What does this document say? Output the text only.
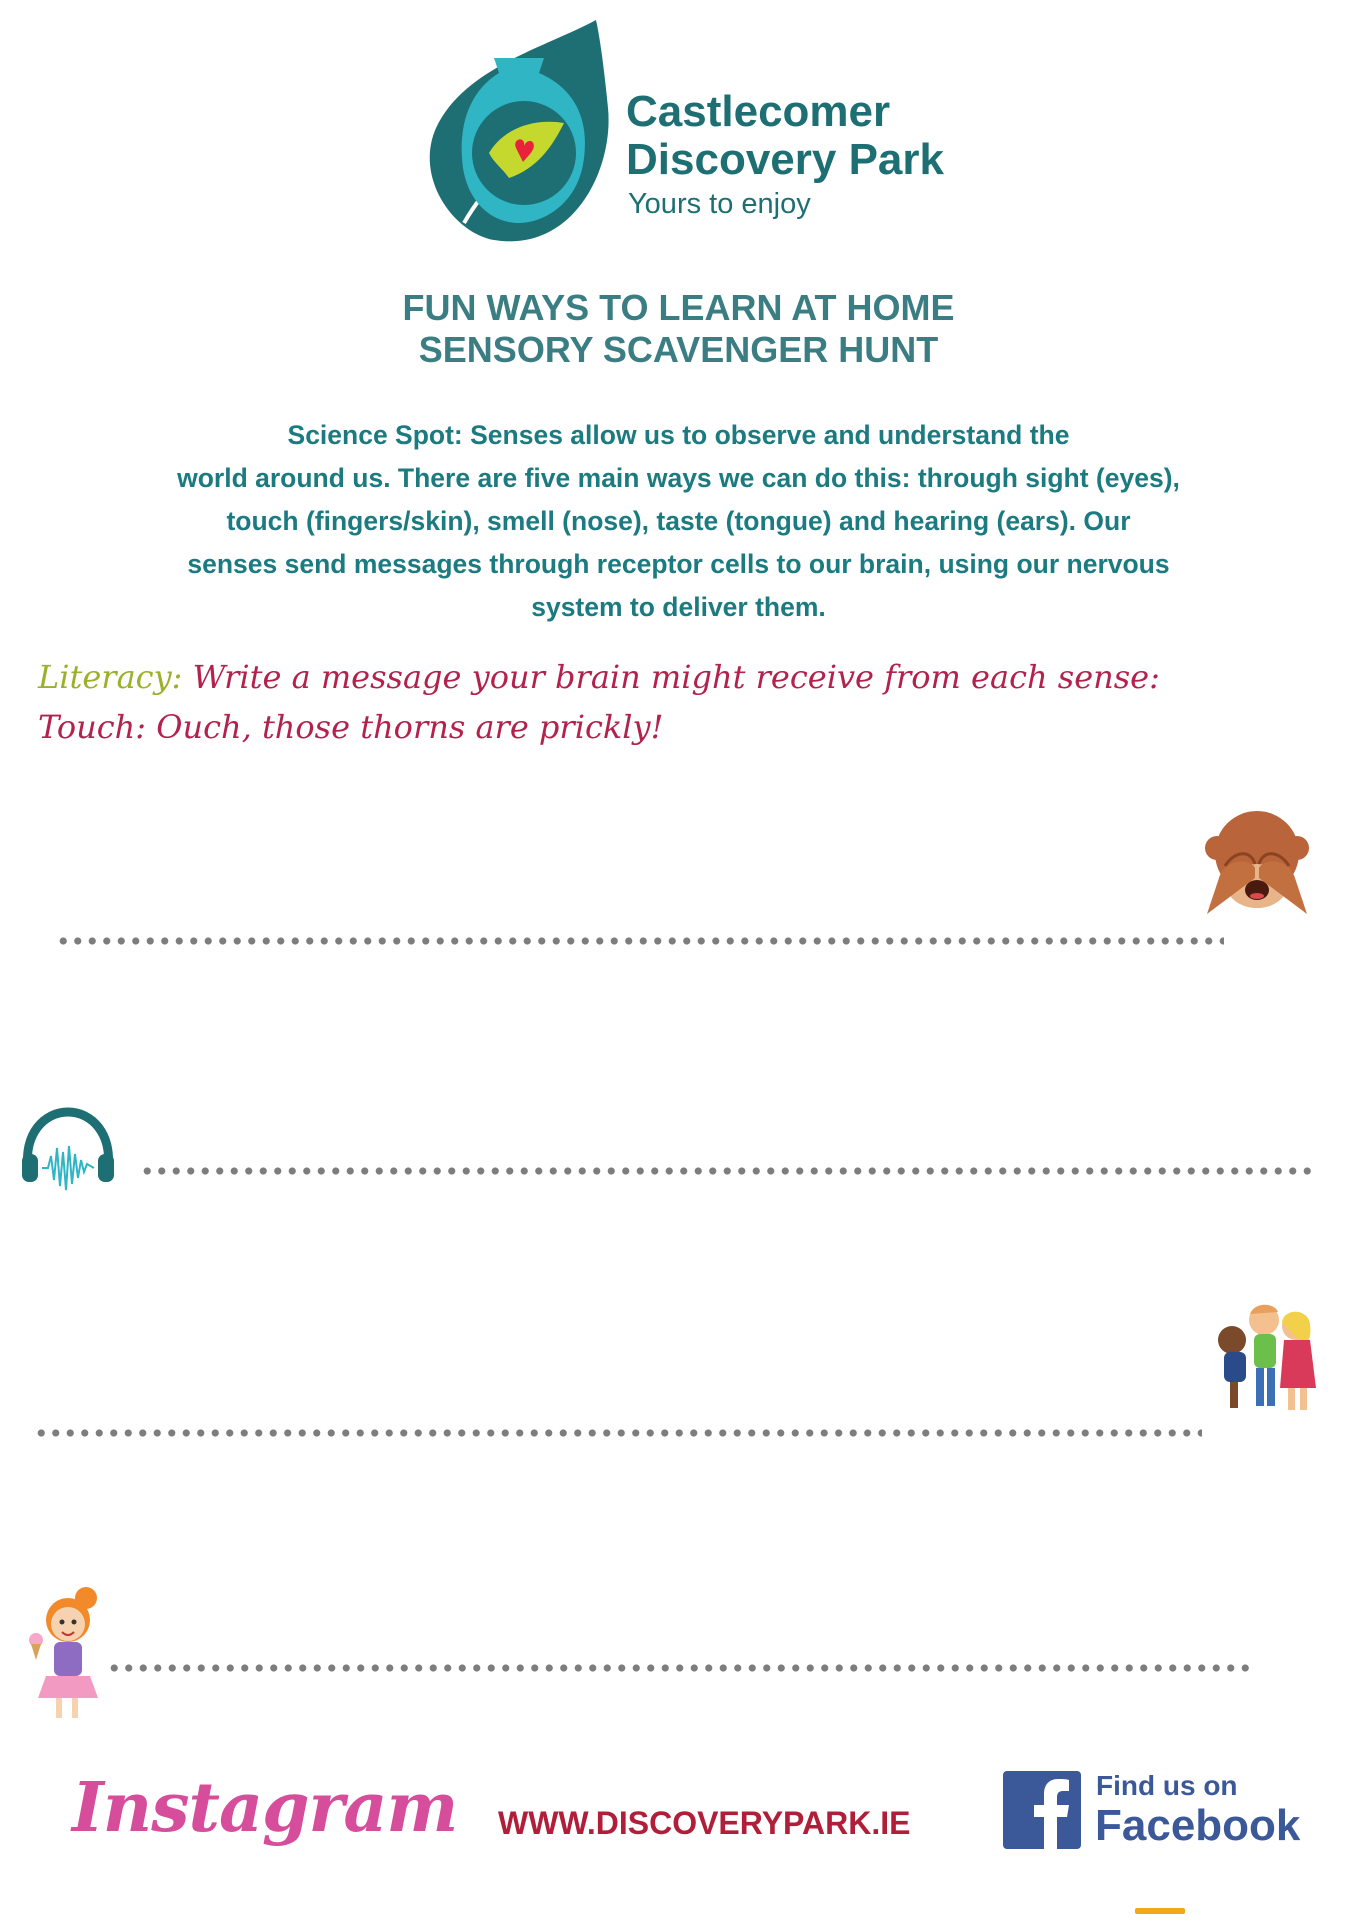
Castlecomer
Discovery Park
Yours to enjoy
FUN WAYS TO LEARN AT HOME
SENSORY SCAVENGER HUNT
Science Spot: Senses allow us to observe and understand the
world around us. There are five main ways we can do this: through sight (eyes),
touch (fingers/skin), smell (nose), taste (tongue) and hearing (ears). Our
senses send messages through receptor cells to our brain, using our nervous
system to deliver them.
Literacy: Write a message your brain might receive from each sense:
Touch: Ouch, those thorns are prickly!
Instagram WWW.DISCOVERYPARK.IE
Find us on
Facebook
